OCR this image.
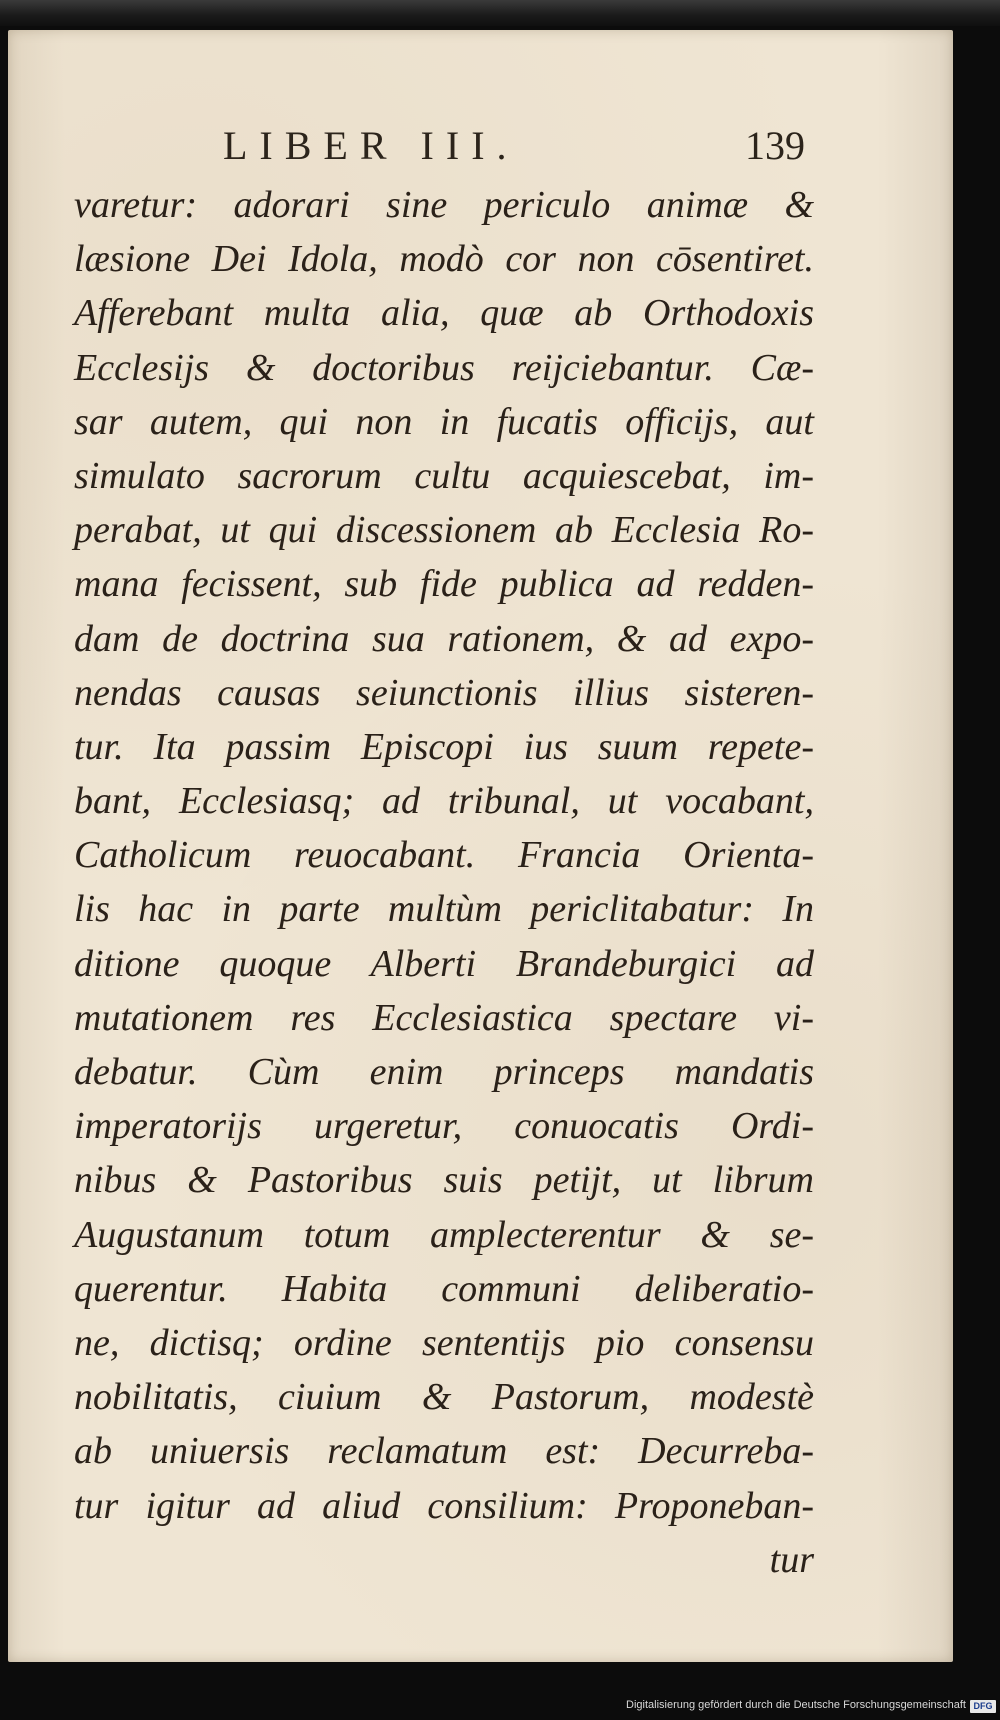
LIBER III.	139
varetur: adorari sine periculo animæ &
læsione Dei Idola, modò cor non cōsentiret.
Afferebant multa alia, quæ ab Orthodoxis
Ecclesijs & doctoribus reijciebantur. Cæ-
sar autem, qui non in fucatis officijs, aut
simulato sacrorum cultu acquiescebat, im-
perabat, ut qui discessionem ab Ecclesia Ro-
mana fecissent, sub fide publica ad redden-
dam de doctrina sua rationem, & ad expo-
nendas causas seiunctionis illius sisteren-
tur. Ita passim Episcopi ius suum repete-
bant, Ecclesiasq; ad tribunal, ut vocabant,
Catholicum reuocabant. Francia Orienta-
lis hac in parte multùm periclitabatur: In
ditione quoque Alberti Brandeburgici ad
mutationem res Ecclesiastica spectare vi-
debatur. Cùm enim princeps mandatis
imperatorijs urgeretur, conuocatis Ordi-
nibus & Pastoribus suis petijt, ut librum
Augustanum totum amplecterentur & se-
querentur. Habita communi deliberatio-
ne, dictisq; ordine sententijs pio consensu
nobilitatis, ciuium & Pastorum, modestè
ab uniuersis reclamatum est: Decurreba-
tur igitur ad aliud consilium: Proponeban-
tur
Digitalisierung gefördert durch die Deutsche Forschungsgemeinschaft DFG
